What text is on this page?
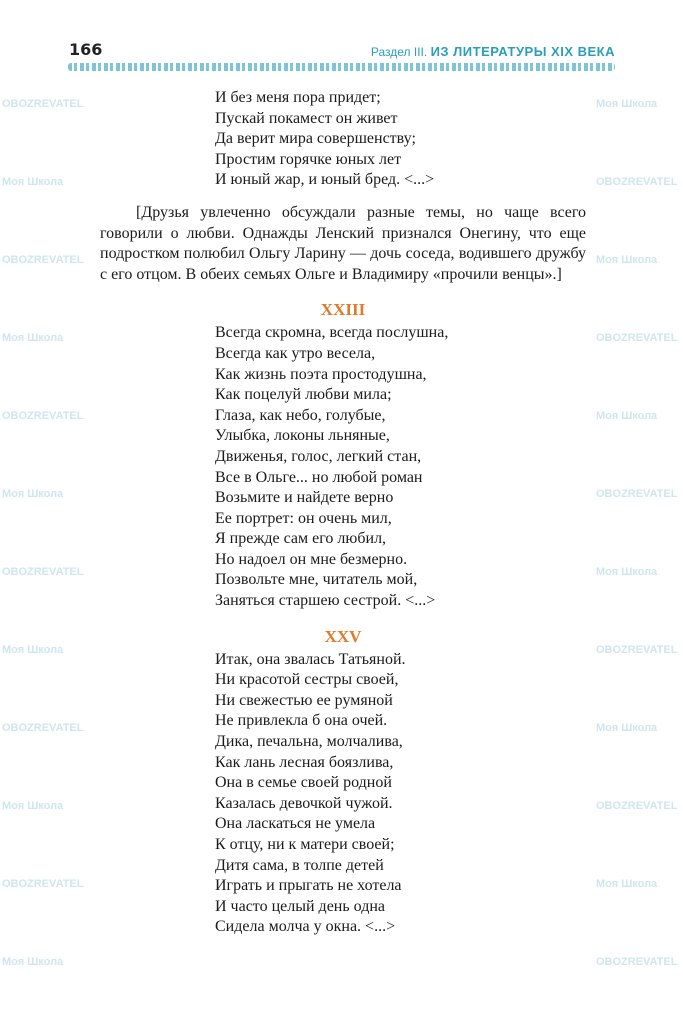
166	Раздел III. ИЗ ЛИТЕРАТУРЫ XIX ВЕКА
И без меня пора придет;
Пускай покамест он живет
Да верит мира совершенству;
Простим горячке юных лет
И юный жар, и юный бред. <...>
[Друзья увлеченно обсуждали разные темы, но чаще всего говорили о любви. Однажды Ленский признался Онегину, что еще подростком полюбил Ольгу Ларину — дочь соседа, водившего дружбу с его отцом. В обеих семьях Ольге и Владимиру «прочили венцы».]
XXIII
Всегда скромна, всегда послушна,
Всегда как утро весела,
Как жизнь поэта простодушна,
Как поцелуй любви мила;
Глаза, как небо, голубые,
Улыбка, локоны льняные,
Движенья, голос, легкий стан,
Все в Ольге... но любой роман
Возьмите и найдете верно
Ее портрет: он очень мил,
Я прежде сам его любил,
Но надоел он мне безмерно.
Позвольте мне, читатель мой,
Заняться старшею сестрой. <...>
XXV
Итак, она звалась Татьяной.
Ни красотой сестры своей,
Ни свежестью ее румяной
Не привлекла б она очей.
Дика, печальна, молчалива,
Как лань лесная боязлива,
Она в семье своей родной
Казалась девочкой чужой.
Она ласкаться не умела
К отцу, ни к матери своей;
Дитя сама, в толпе детей
Играть и прыгать не хотела
И часто целый день одна
Сидела молча у окна. <...>
OBOZREVATEL	Моя Школа
Моя Школа	OBOZREVATEL
OBOZREVATEL	Моя Школа
Моя Школа	OBOZREVATEL
OBOZREVATEL	Моя Школа
Моя Школа	OBOZREVATEL
OBOZREVATEL	Моя Школа
Моя Школа	OBOZREVATEL
OBOZREVATEL	Моя Школа
Моя Школа	OBOZREVATEL
OBOZREVATEL	Моя Школа
Моя Школа	OBOZREVATEL
